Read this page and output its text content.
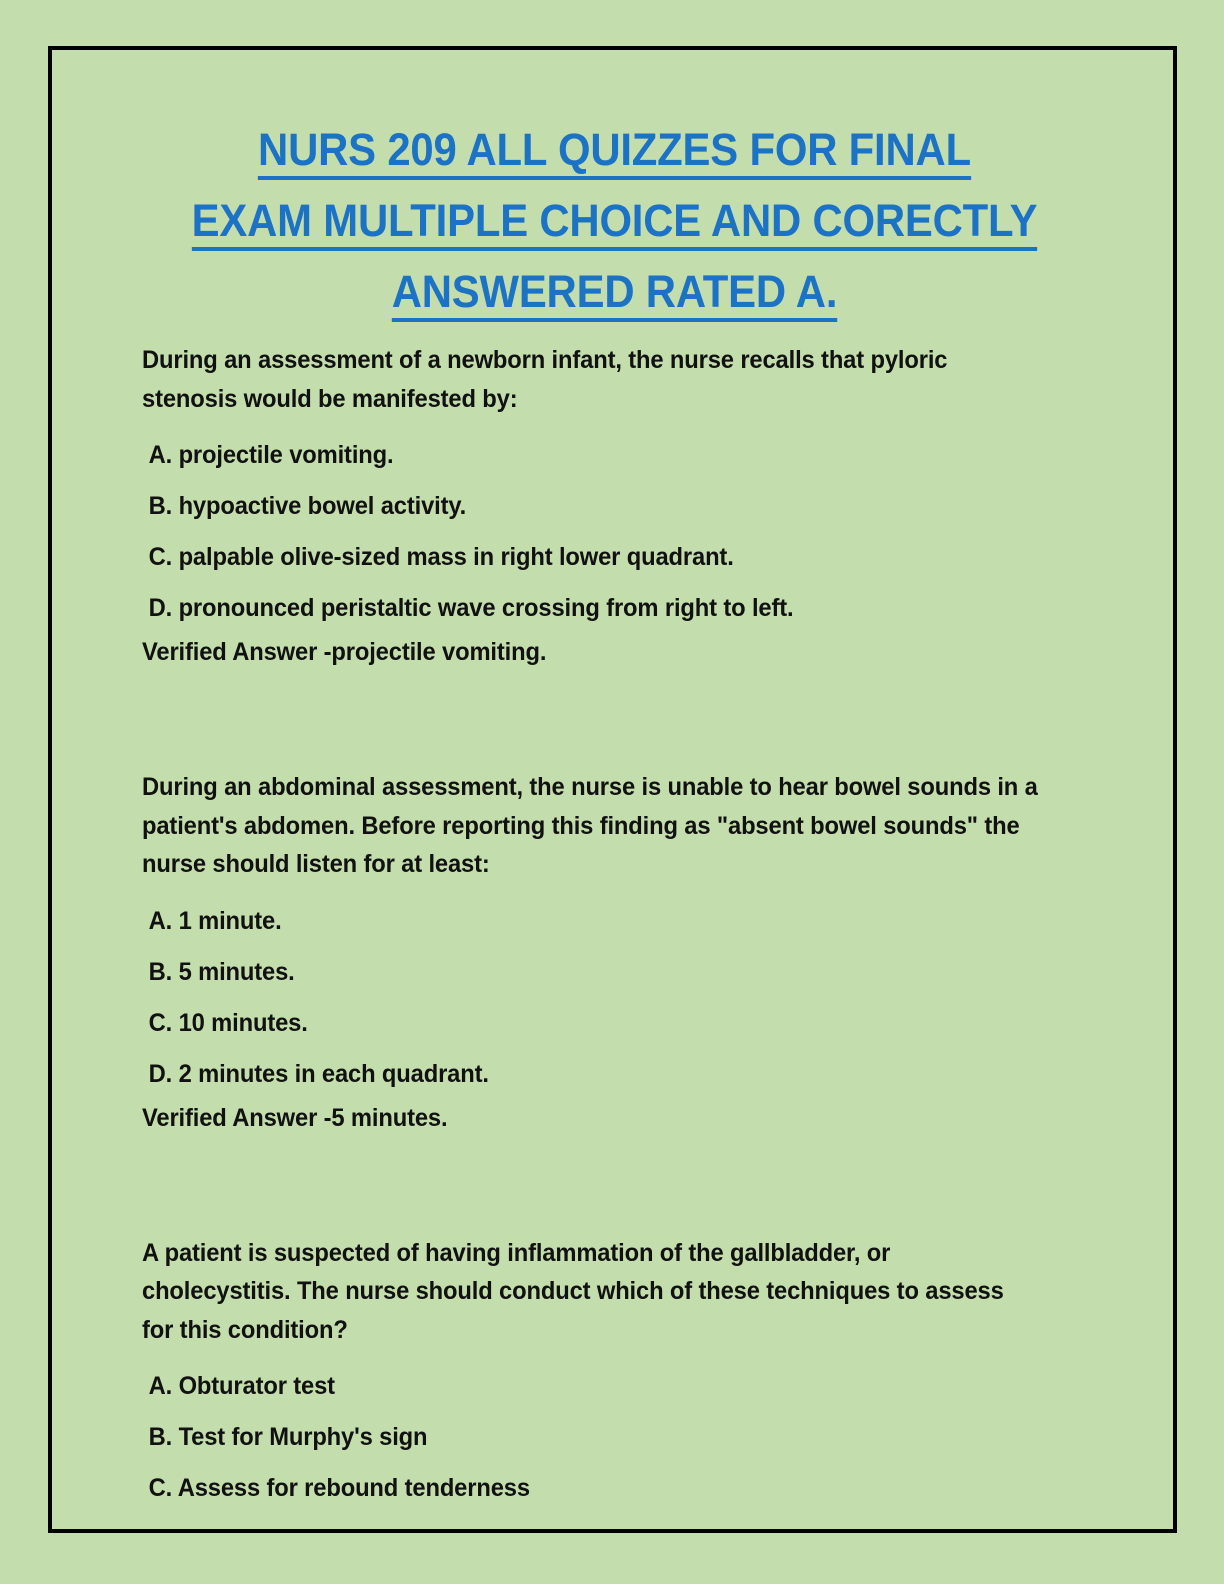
NURS 209 ALL QUIZZES FOR FINAL
EXAM MULTIPLE CHOICE AND CORECTLY
ANSWERED RATED A.

During an assessment of a newborn infant, the nurse recalls that pyloric stenosis would be manifested by:

A. projectile vomiting.
B. hypoactive bowel activity.
C. palpable olive-sized mass in right lower quadrant.
D. pronounced peristaltic wave crossing from right to left.

Verified Answer -projectile vomiting.

During an abdominal assessment, the nurse is unable to hear bowel sounds in a patient's abdomen. Before reporting this finding as "absent bowel sounds" the nurse should listen for at least:

A. 1 minute.
B. 5 minutes.
C. 10 minutes.
D. 2 minutes in each quadrant.

Verified Answer -5 minutes.

A patient is suspected of having inflammation of the gallbladder, or cholecystitis. The nurse should conduct which of these techniques to assess for this condition?

A. Obturator test
B. Test for Murphy's sign
C. Assess for rebound tenderness
